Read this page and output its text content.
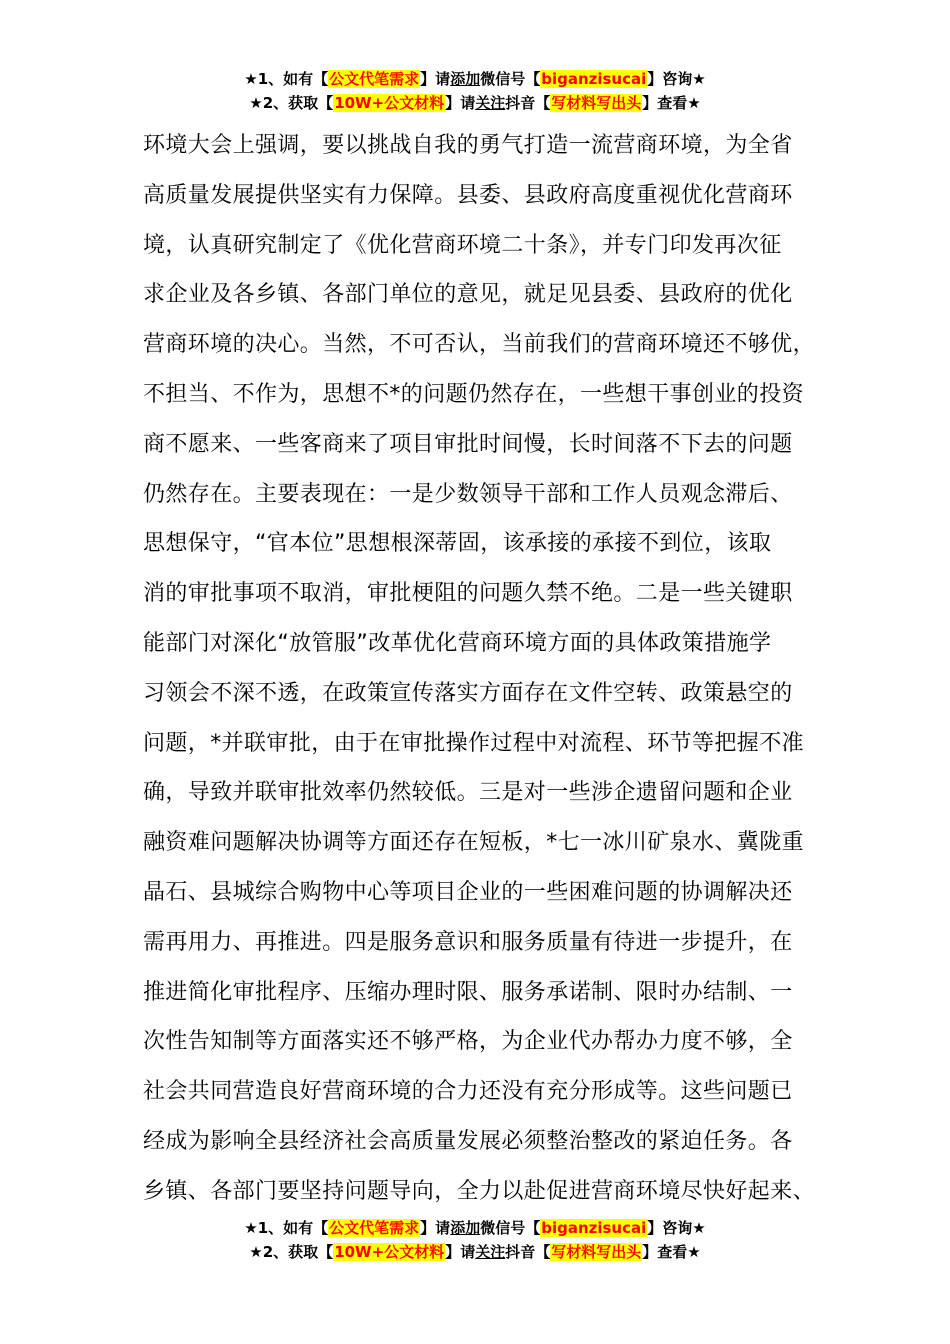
★1、如有【公文代笔需求】请添加微信号【biganzisucai】咨询★
★2、获取【10W+公文材料】请关注抖音【写材料写出头】查看★
环境大会上强调，要以挑战自我的勇气打造一流营商环境，为全省
高质量发展提供坚实有力保障。县委、县政府高度重视优化营商环
境，认真研究制定了《优化营商环境二十条》，并专门印发再次征
求企业及各乡镇、各部门单位的意见，就足见县委、县政府的优化
营商环境的决心。当然，不可否认，当前我们的营商环境还不够优，
不担当、不作为，思想不*的问题仍然存在，一些想干事创业的投资
商不愿来、一些客商来了项目审批时间慢，长时间落不下去的问题
仍然存在。主要表现在：一是少数领导干部和工作人员观念滞后、
思想保守，“官本位”思想根深蒂固，该承接的承接不到位，该取
消的审批事项不取消，审批梗阻的问题久禁不绝。二是一些关键职
能部门对深化“放管服”改革优化营商环境方面的具体政策措施学
习领会不深不透，在政策宣传落实方面存在文件空转、政策悬空的
问题，*并联审批，由于在审批操作过程中对流程、环节等把握不准
确，导致并联审批效率仍然较低。三是对一些涉企遗留问题和企业
融资难问题解决协调等方面还存在短板，*七一冰川矿泉水、冀陇重
晶石、县城综合购物中心等项目企业的一些困难问题的协调解决还
需再用力、再推进。四是服务意识和服务质量有待进一步提升，在
推进简化审批程序、压缩办理时限、服务承诺制、限时办结制、一
次性告知制等方面落实还不够严格，为企业代办帮办力度不够，全
社会共同营造良好营商环境的合力还没有充分形成等。这些问题已
经成为影响全县经济社会高质量发展必须整治整改的紧迫任务。各
乡镇、各部门要坚持问题导向，全力以赴促进营商环境尽快好起来、
★1、如有【公文代笔需求】请添加微信号【biganzisucai】咨询★
★2、获取【10W+公文材料】请关注抖音【写材料写出头】查看★
